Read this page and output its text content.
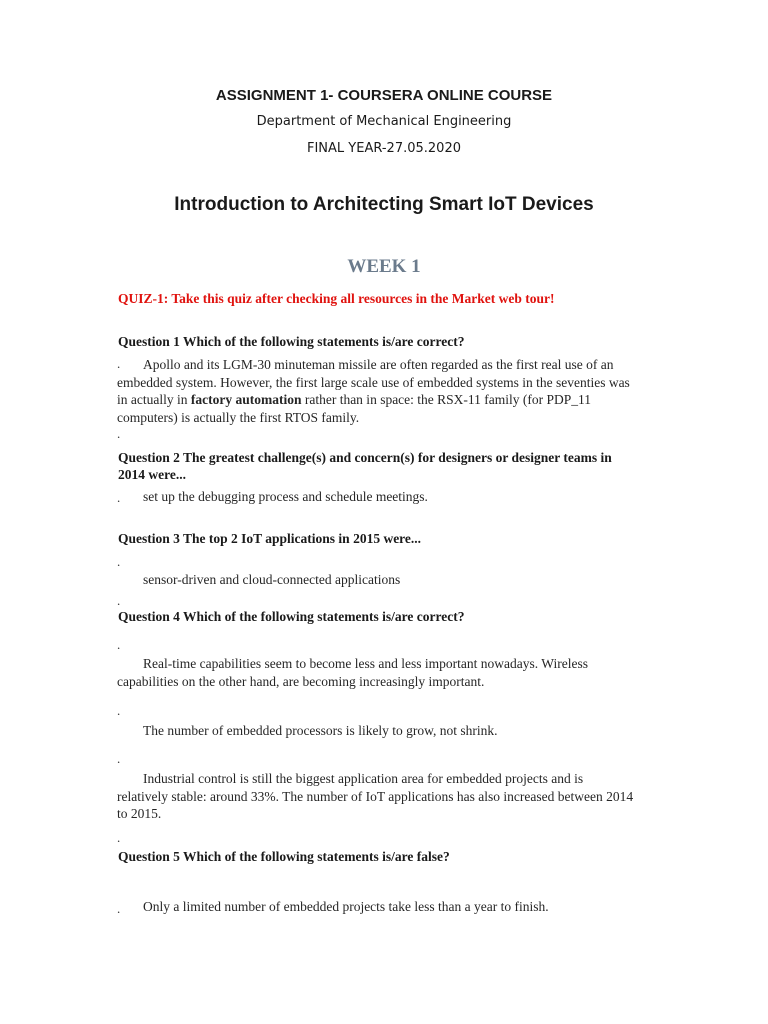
ASSIGNMENT 1- COURSERA ONLINE COURSE

Department of Mechanical Engineering

FINAL YEAR-27.05.2020

Introduction to Architecting Smart IoT Devices

WEEK 1

QUIZ-1: Take this quiz after checking all resources in the Market web tour!

Question 1 Which of the following statements is/are correct?

.	Apollo and its LGM-30 minuteman missile are often regarded as the first real use of an embedded system. However, the first large scale use of embedded systems in the seventies was in actually in factory automation rather than in space: the RSX-11 family (for PDP_11 computers) is actually the first RTOS family.

.

Question 2 The greatest challenge(s) and concern(s) for designers or designer teams in 2014 were...

.	set up the debugging process and schedule meetings.

Question 3 The top 2 IoT applications in 2015 were...

.

sensor-driven and cloud-connected applications

.

Question 4 Which of the following statements is/are correct?

.

Real-time capabilities seem to become less and less important nowadays. Wireless capabilities on the other hand, are becoming increasingly important.

.

The number of embedded processors is likely to grow, not shrink.

.

Industrial control is still the biggest application area for embedded projects and is relatively stable: around 33%. The number of IoT applications has also increased between 2014 to 2015.

.

Question 5 Which of the following statements is/are false?

.	Only a limited number of embedded projects take less than a year to finish.
